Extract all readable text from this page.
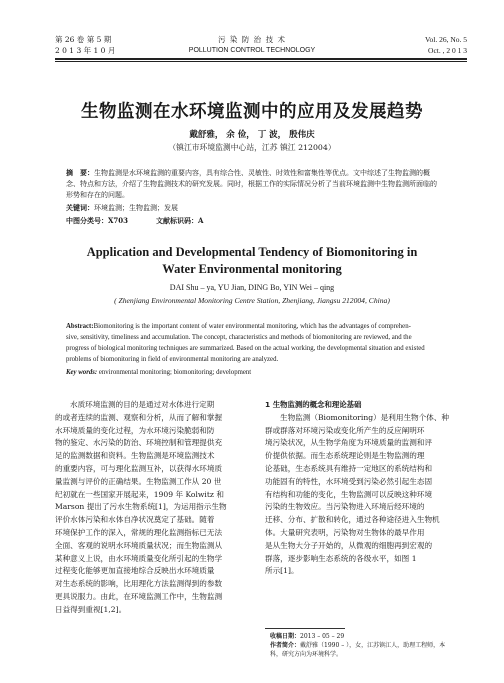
第 26 卷 第 5 期
2 0 1 3 年 1 0 月
污 染 防 治 技 术
POLLUTION CONTROL TECHNOLOGY
Vol. 26, No. 5
Oct. , 2 0 1 3
生物监测在水环境监测中的应用及发展趋势
戴舒雅， 余 俭， 丁 波， 殷伟庆
（镇江市环境监测中心站，江苏 镇江 212004）
摘　要：生物监测是水环境监测的重要内容，具有综合性、灵敏性、时效性和富集性等优点。文中综述了生物监测的概
念、特点和方法，介绍了生物监测技术的研究发展。同时，根据工作的实际情况分析了当前环境监测中生物监测所面临的
形势和存在的问题。
关键词：环境监测；生物监测；发展
中图分类号：X703　　　　文献标识码：A
Application and Developmental Tendency of Biomonitoring in
Water Environmental monitoring
DAI Shu – ya, YU Jian, DING Bo, YIN Wei – qing
( Zhenjiang Environmental Monitoring Centre Station, Zhenjiang, Jiangsu 212004, China)
Abstract:Biomonitoring is the important content of water environmental monitoring, which has the advantages of comprehen-
sive, sensitivity, timeliness and accumulation. The concept, characteristics and methods of biomonitoring are reviewed, and the
progress of biological monitoring techniques are summarized. Based on the actual working, the developmental situation and existed
problems of biomonitoring in field of environmental monitoring are analyzed.
Key words: environmental monitoring; biomonitoring; development
水质环境监测的目的是通过对水体进行定期
的或者连续的监测、观察和分析，从而了解和掌握
水环境质量的变化过程，为水环境污染脆弱和防
物的鉴定、水污染的防治、环境控制和管理提供充
足的监测数据和资料。生物监测是环境监测技术
的重要内容，可与理化监测互补，以获得水环境质
量监测与评价的正确结果。生物监测工作从 20 世
纪初就在一些国家开展起来，1909 年 Kolwitz 和
Marson 提出了污水生物系统[1]，为运用指示生物
评价水体污染和水体自净状况奠定了基础。随着
环境保护工作的深入，常规的理化监测指标已无法
全面、客观的说明水环境质量状况；而生物监测从
某种意义上说，由水环境质量变化所引起的生物学
过程变化能够更加直接地综合反映出水环境质量
对生态系统的影响，比用理化方法监测得到的参数
更具说服力。由此，在环境监测工作中，生物监测
日益得到重视[1,2]。
1 生物监测的概念和理论基础
生物监测（Biomonitoring）是利用生物个体、种
群或群落对环境污染或变化所产生的反应阐明环
境污染状况，从生物学角度为环境质量的监测和评
价提供依据。而生态系统理论则是生物监测的理
论基础，生态系统具有维持一定地区的系统结构和
功能固有的特性，水环境受到污染必然引起生态固
有结构和功能的变化，生物监测可以反映这种环境
污染的生物效应。当污染物进入环境后经环境的
迁移、分布、扩散和转化，通过各种途径进入生物机
体。大量研究表明，污染物对生物体的最早作用
是从生物大分子开始的，从微观的细胞再到宏观的
群落，逐步影响生态系统的各级水平，如图 1
所示[1]。
收稿日期：2013 – 05 – 29
作者简介：戴舒雅（1990 – ），女，江苏镇江人，助理工程师，本
科，研究方向为环境科学。
